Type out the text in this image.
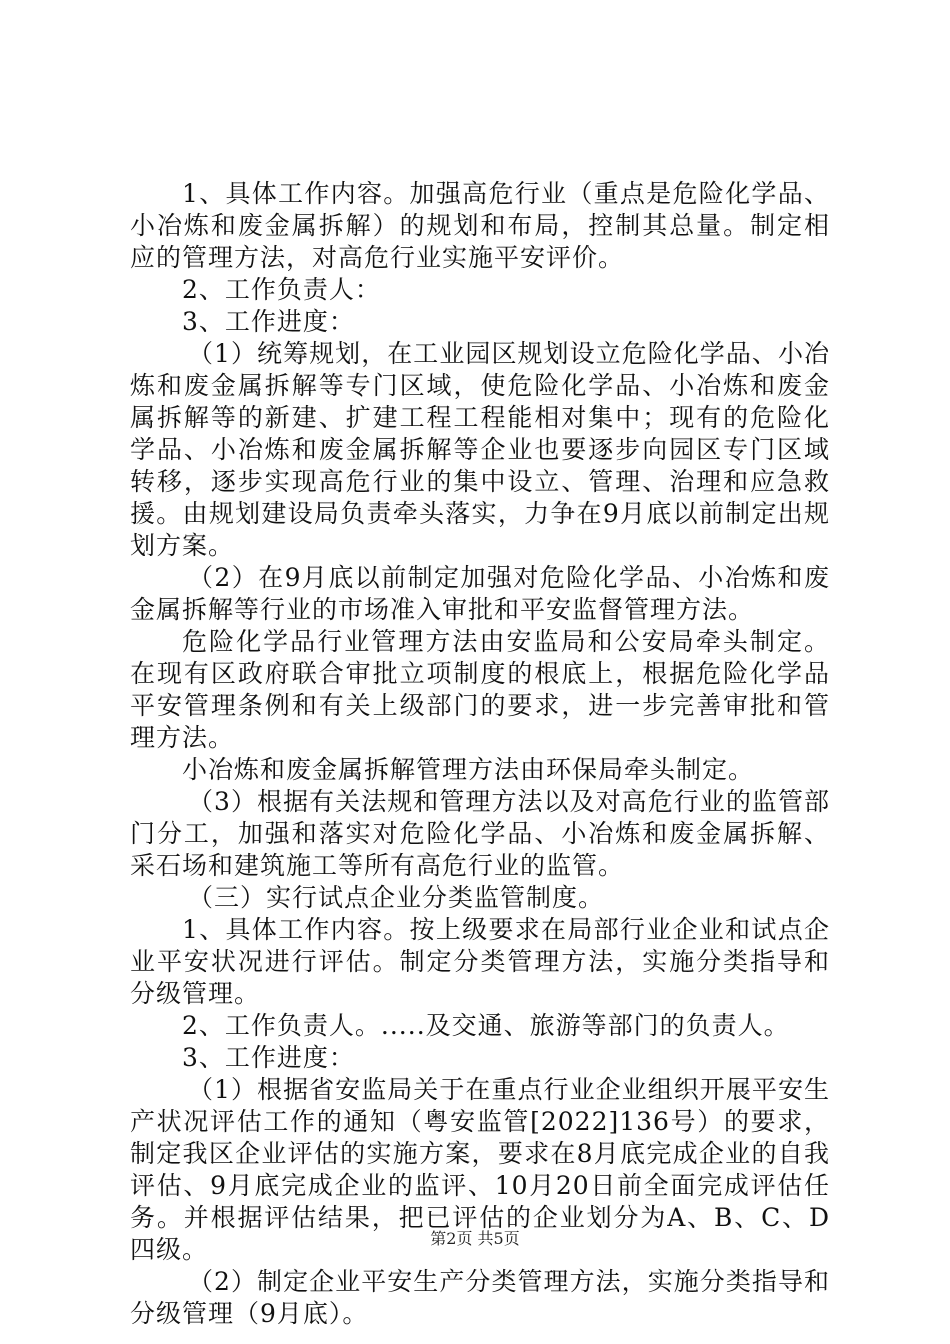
1、具体工作内容。加强高危行业（重点是危险化学品、小冶炼和废金属拆解）的规划和布局，控制其总量。制定相应的管理方法，对高危行业实施平安评价。

2、工作负责人：

3、工作进度：

（1）统筹规划，在工业园区规划设立危险化学品、小冶炼和废金属拆解等专门区域，使危险化学品、小冶炼和废金属拆解等的新建、扩建工程工程能相对集中；现有的危险化学品、小冶炼和废金属拆解等企业也要逐步向园区专门区域转移，逐步实现高危行业的集中设立、管理、治理和应急救援。由规划建设局负责牵头落实，力争在9月底以前制定出规划方案。

（2）在9月底以前制定加强对危险化学品、小冶炼和废金属拆解等行业的市场准入审批和平安监督管理方法。

危险化学品行业管理方法由安监局和公安局牵头制定。在现有区政府联合审批立项制度的根底上，根据危险化学品平安管理条例和有关上级部门的要求，进一步完善审批和管理方法。

小冶炼和废金属拆解管理方法由环保局牵头制定。

（3）根据有关法规和管理方法以及对高危行业的监管部门分工，加强和落实对危险化学品、小冶炼和废金属拆解、采石场和建筑施工等所有高危行业的监管。

（三）实行试点企业分类监管制度。

1、具体工作内容。按上级要求在局部行业企业和试点企业平安状况进行评估。制定分类管理方法，实施分类指导和分级管理。

2、工作负责人。.....及交通、旅游等部门的负责人。

3、工作进度：

（1）根据省安监局关于在重点行业企业组织开展平安生产状况评估工作的通知（粤安监管[2022]136号）的要求，制定我区企业评估的实施方案，要求在8月底完成企业的自我评估、9月底完成企业的监评、10月20日前全面完成评估任务。并根据评估结果，把已评估的企业划分为A、B、C、D四级。

（2）制定企业平安生产分类管理方法，实施分类指导和分级管理（9月底）。

第2页 共5页
